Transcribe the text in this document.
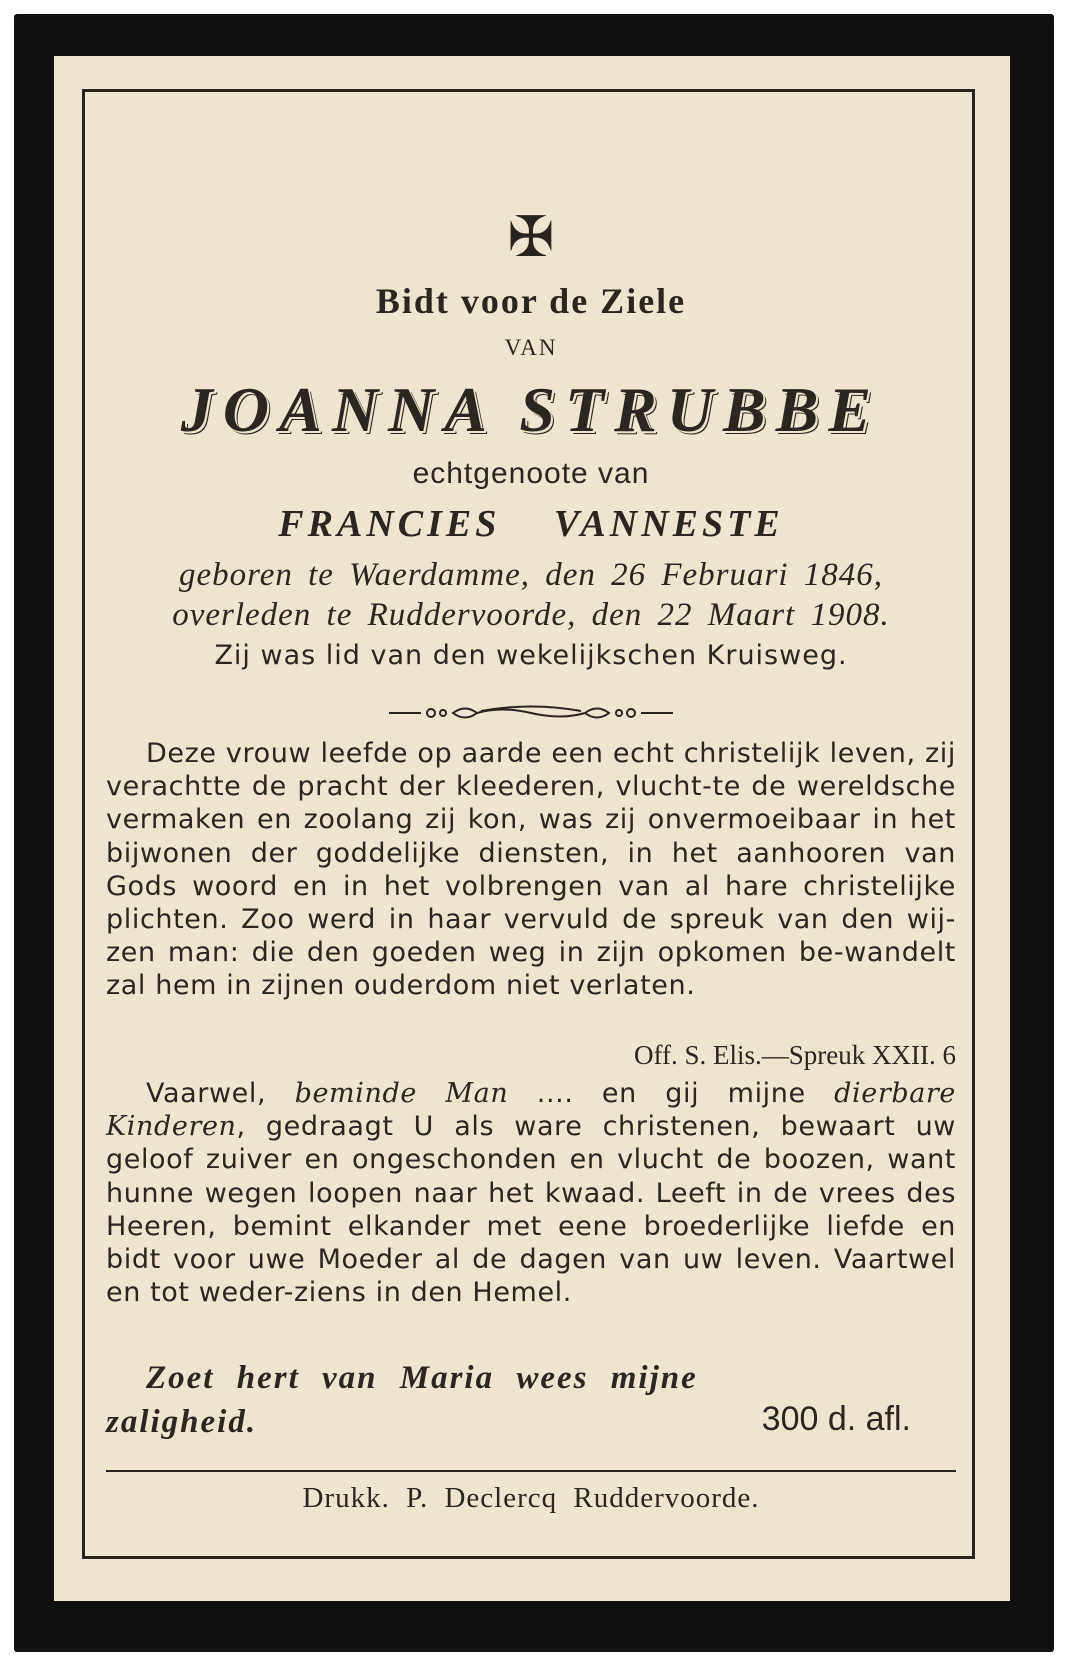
✠
Bidt voor de Ziele
VAN
JOANNA STRUBBE
echtgenoote van
FRANCIES VANNESTE
geboren te Waerdamme, den 26 Februari 1846,
overleden te Ruddervoorde, den 22 Maart 1908.
Zij was lid van den wekelijkschen Kruisweg.
Deze vrouw leefde op aarde een echt christelijk leven, zij verachtte de pracht der kleederen, vlucht-te de wereldsche vermaken en zoolang zij kon, was zij onvermoeibaar in het bijwonen der goddelijke diensten, in het aanhooren van Gods woord en in het volbrengen van al hare christelijke plichten. Zoo werd in haar vervuld de spreuk van den wij-zen man: die den goeden weg in zijn opkomen be-wandelt zal hem in zijnen ouderdom niet verlaten.
Off. S. Elis.—Spreuk XXII. 6
Vaarwel, beminde Man .... en gij mijne dierbare Kinderen, gedraagt U als ware christenen, bewaart uw geloof zuiver en ongeschonden en vlucht de boozen, want hunne wegen loopen naar het kwaad. Leeft in de vrees des Heeren, bemint elkander met eene broederlijke liefde en bidt voor uwe Moeder al de dagen van uw leven. Vaartwel en tot weder-ziens in den Hemel.
Zoet hert van Maria wees mijne
zaligheid.	300 d. afl.
Drukk. P. Declercq Ruddervoorde.
